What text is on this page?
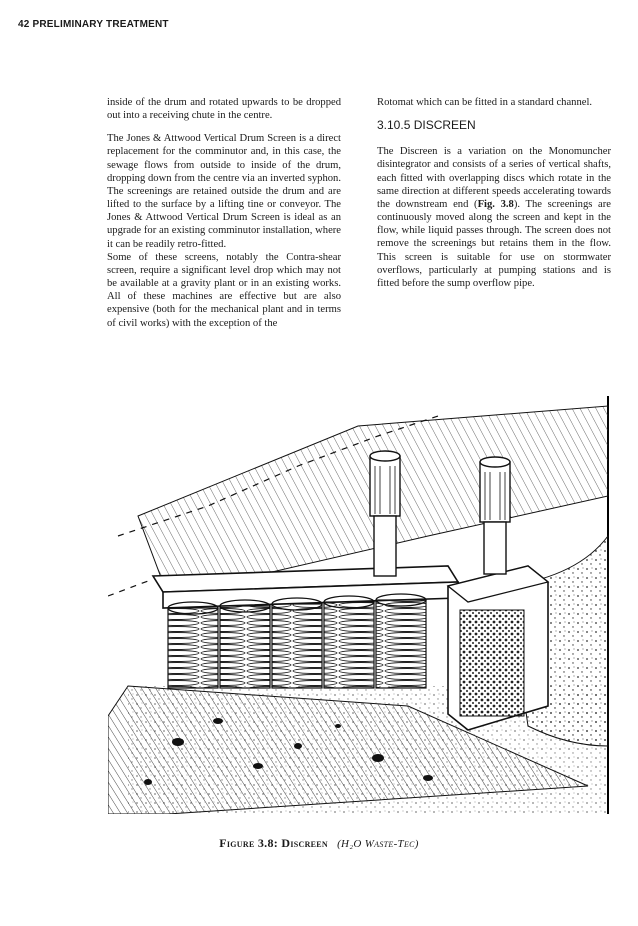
42 PRELIMINARY TREATMENT

inside of the drum and rotated upwards to be dropped out into a receiving chute in the centre.

The Jones & Attwood Vertical Drum Screen is a direct replacement for the comminutor and, in this case, the sewage flows from outside to inside of the drum, dropping down from the centre via an inverted syphon. The screenings are retained outside the drum and are lifted to the surface by a lifting tine or conveyor. The Jones & Attwood Vertical Drum Screen is ideal as an upgrade for an existing comminutor installation, where it can be readily retro-fitted.

Some of these screens, notably the Contra-shear screen, require a significant level drop which may not be available at a gravity plant or in an existing works. All of these machines are effective but are also expensive (both for the mechanical plant and in terms of civil works) with the exception of the

Rotomat which can be fitted in a standard channel.

3.10.5 DISCREEN

The Discreen is a variation on the Monomuncher disintegrator and consists of a series of vertical shafts, each fitted with overlapping discs which rotate in the same direction at different speeds accelerating towards the downstream end (Fig. 3.8). The screenings are continuously moved along the screen and kept in the flow, while liquid passes through. The screen does not remove the screenings but retains them in the flow. This screen is suitable for use on stormwater overflows, particularly at pumping stations and is fitted before the sump overflow pipe.

Figure 3.8: Discreen (H₂O Waste-Tec)
